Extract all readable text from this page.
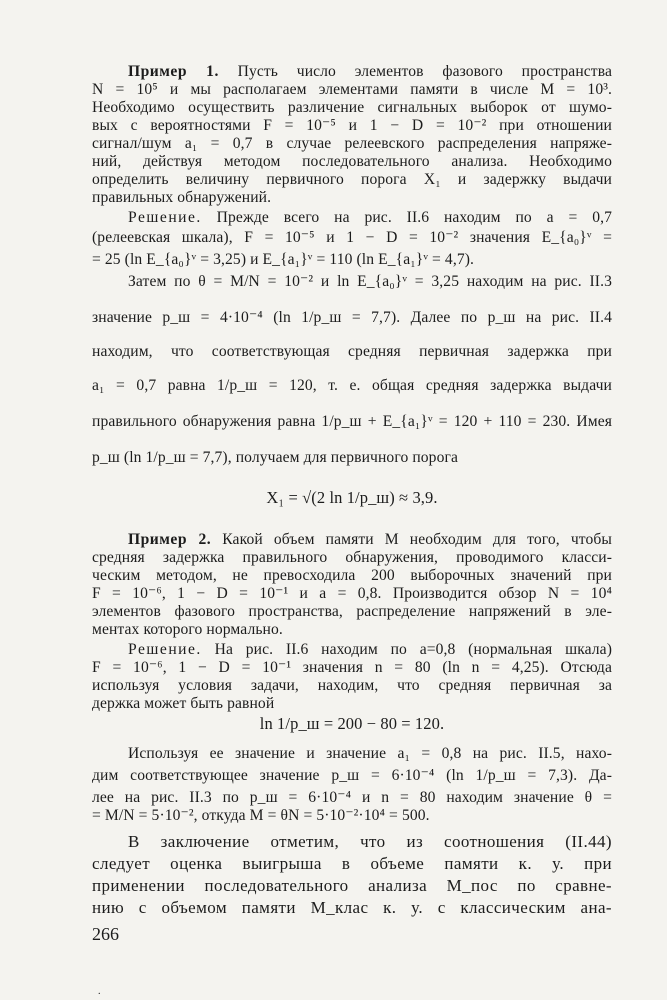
Пример 1. Пусть число элементов фазового пространства
N = 10⁵ и мы располагаем элементами памяти в числе M = 10³.
Необходимо осуществить различение сигнальных выборок от шумо-
вых с вероятностями F = 10⁻⁵ и 1 − D = 10⁻² при отношении
сигнал/шум a₁ = 0,7 в случае релеевского распределения напряже-
ний, действуя методом последовательного анализа. Необходимо
определить величину первичного порога X₁ и задержку выдачи
правильных обнаружений.
Решение. Прежде всего на рис. II.6 находим по a = 0,7
(релеевская шкала), F = 10⁻⁵ и 1 − D = 10⁻² значения E_{a₀}ᵛ =
= 25 (ln E_{a₀}ᵛ = 3,25) и E_{a₁}ᵛ = 110 (ln E_{a₁}ᵛ = 4,7).
Затем по θ = M/N = 10⁻² и ln E_{a₀}ᵛ = 3,25 находим на рис. II.3
значение p_ш = 4·10⁻⁴ (ln 1/p_ш = 7,7). Далее по p_ш на рис. II.4
находим, что соответствующая средняя первичная задержка при
a₁ = 0,7 равна 1/p_ш = 120, т. е. общая средняя задержка выдачи
правильного обнаружения равна 1/p_ш + E_{a₁}ᵛ = 120 + 110 = 230. Имея
p_ш (ln 1/p_ш = 7,7), получаем для первичного порога
X₁ = √(2 ln 1/p_ш) ≈ 3,9.
Пример 2. Какой объем памяти M необходим для того, чтобы
средняя задержка правильного обнаружения, проводимого класси-
ческим методом, не превосходила 200 выборочных значений при
F = 10⁻⁶, 1 − D = 10⁻¹ и a = 0,8. Производится обзор N = 10⁴
элементов фазового пространства, распределение напряжений в эле-
ментах которого нормально.
Решение. На рис. II.6 находим по a=0,8 (нормальная шкала)
F = 10⁻⁶, 1 − D = 10⁻¹ значения n = 80 (ln n = 4,25). Отсюда
используя условия задачи, находим, что средняя первичная за
держка может быть равной
ln 1/p_ш = 200 − 80 = 120.
Используя ее значение и значение a₁ = 0,8 на рис. II.5, нахо-
дим соответствующее значение p_ш = 6·10⁻⁴ (ln 1/p_ш = 7,3). Да-
лее на рис. II.3 по p_ш = 6·10⁻⁴ и n = 80 находим значение θ =
= M/N = 5·10⁻², откуда M = θN = 5·10⁻²·10⁴ = 500.
В заключение отметим, что из соотношения (II.44)
266
.
следует оценка выигрыша в объеме памяти к. у. при
применении последовательного анализа M_пос по сравне-
нию с объемом памяти M_клас к. у. с классическим ана-
